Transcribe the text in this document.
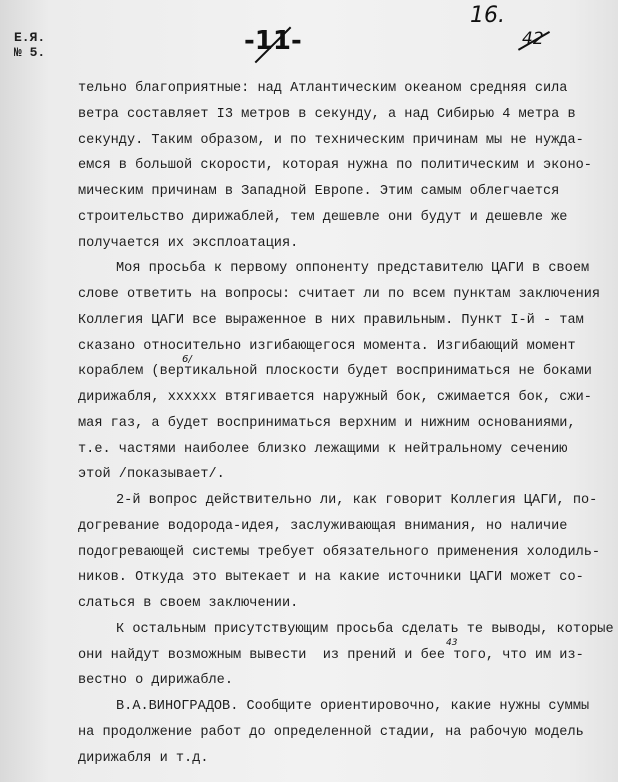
Е.Я.
№ 5.	-11-
16.
42
6/
43
тельно благоприятные: над Атлантическим океаном средняя сила
ветра составляет I3 метров в секунду, а над Сибирью 4 метра в
секунду. Таким образом, и по техническим причинам мы не нужда-
емся в большой скорости, которая нужна по политическим и эконо-
мическим причинам в Западной Европе. Этим самым облегчается
строительство дирижаблей, тем дешевле они будут и дешевле же
получается их эксплоатация.
Моя просьба к первому оппоненту представителю ЦАГИ в своем
слове ответить на вопросы: считает ли по всем пунктам заключения
Коллегия ЦАГИ все выраженное в них правильным. Пункт I-й - там
сказано относительно изгибающегося момента. Изгибающий момент
кораблем (вертикальной плоскости будет восприниматься не боками
дирижабля, хххххх втягивается наружный бок, сжимается бок, сжи-
мая газ, а будет восприниматься верхним и нижним основаниями,
т.е. частями наиболее близко лежащими к нейтральному сечению
этой /показывает/.
2-й вопрос действительно ли, как говорит Коллегия ЦАГИ, по-
догревание водорода-идея, заслуживающая внимания, но наличие
подогревающей системы требует обязательного применения холодиль-
ников. Откуда это вытекает и на какие источники ЦАГИ может со-
слаться в своем заключении.
К остальным присутствующим просьба сделать те выводы, которые
они найдут возможным вывести  из прений и бее того, что им из-
вестно о дирижабле.
В.А.ВИНОГРАДОВ. Сообщите ориентировочно, какие нужны суммы
на продолжение работ до определенной стадии, на рабочую модель
дирижабля и т.д.
